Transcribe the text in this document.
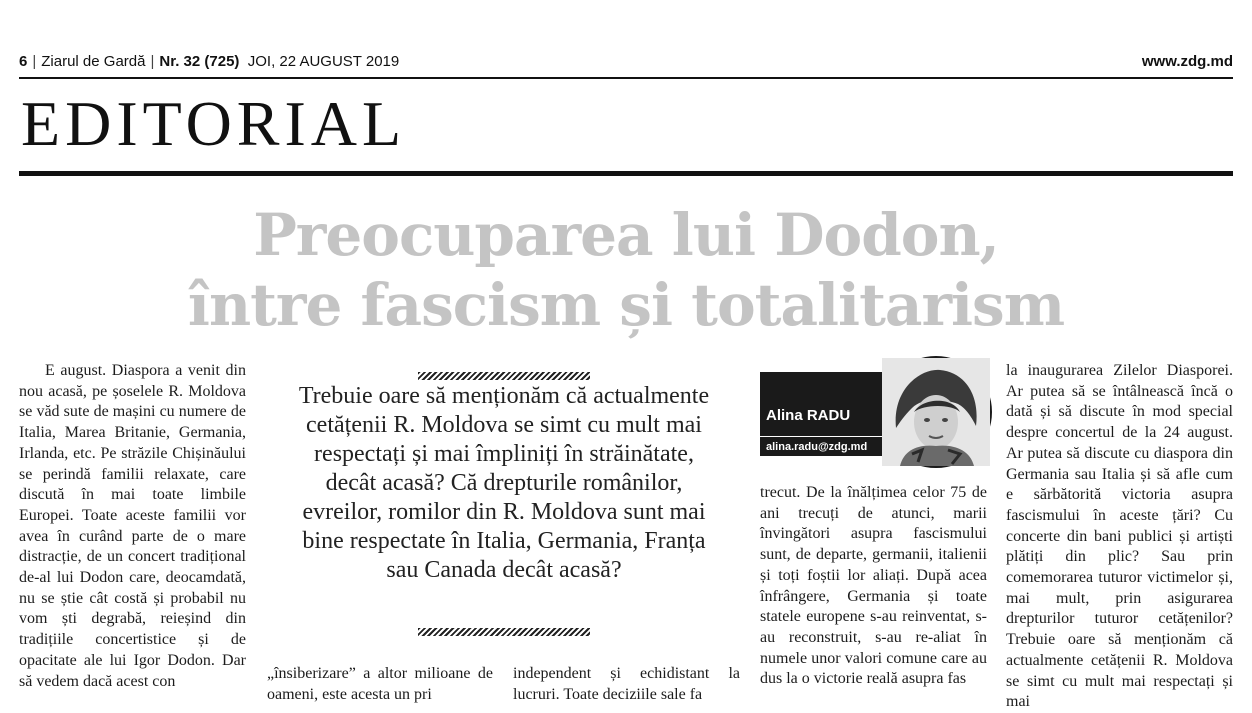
6 | Ziarul de Gardă | Nr. 32 (725) JOI, 22 AUGUST 2019	www.zdg.md
EDITORIAL
Preocuparea lui Dodon,
între fascism și totalitarism

E august. Diaspora a venit din nou acasă, pe șoselele R. Moldova se văd sute de mașini cu numere de Italia, Marea Britanie, Germania, Irlanda, etc. Pe străzile Chișinăului se perindă familii relaxate, care discută în mai toate limbile Europei. Toate aceste familii vor avea în curând parte de o mare distracție, de un concert tradițional de-al lui Dodon care, deocamdată, nu se știe cât costă și probabil nu vom ști degrabă, reieșind din tradițiile concertistice și de opacitate ale lui Igor Dodon. Dar să vedem dacă acest con

Trebuie oare să menționăm că actualmente cetățenii R. Moldova se simt cu mult mai respectați și mai împliniți în străinătate, decât acasă? Că drepturile românilor, evreilor, romilor din R. Moldova sunt mai bine respectate în Italia, Germania, Franța sau Canada decât acasă?
„însiberizare” a altor milioane de oameni, este acesta un pri
independent și echidistant la lucruri. Toate deciziile sale fa
Alina RADU
alina.radu@zdg.md
trecut. De la înălțimea celor 75 de ani trecuți de atunci, marii învingători asupra fascismului sunt, de departe, germanii, italienii și toți foștii lor aliați. După acea înfrângere, Germania și toate statele europene s-au reinventat, s-au reconstruit, s-au re-aliat în numele unor valori comune care au dus la o victorie reală asupra fas
la inaugurarea Zilelor Diasporei. Ar putea să se întâlnească încă o dată și să discute în mod special despre concertul de la 24 august. Ar putea să discute cu diaspora din Germania sau Italia și să afle cum e sărbătorită victoria asupra fascismului în aceste țări? Cu concerte din bani publici și artiști plătiți din plic? Sau prin comemorarea tuturor victimelor și, mai mult, prin asigurarea drepturilor tuturor cetățenilor? Trebuie oare să menționăm că actualmente cetățenii R. Moldova se simt cu mult mai respectați și mai
